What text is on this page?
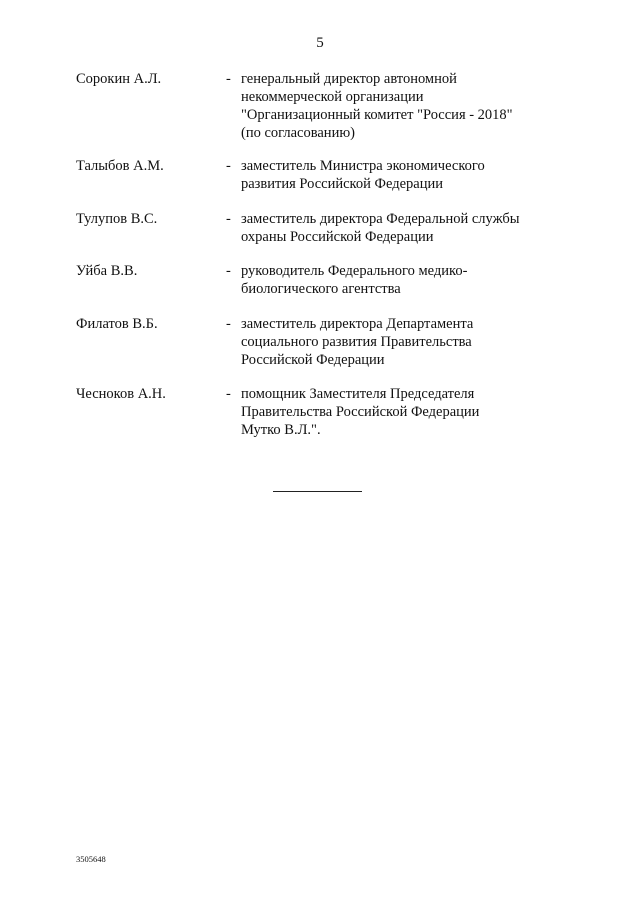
5
Сорокин А.Л.	- генеральный директор автономной
некоммерческой организации
"Организационный комитет "Россия - 2018"
(по согласованию)
Талыбов А.М.	- заместитель Министра экономического
развития Российской Федерации
Тулупов В.С.	- заместитель директора Федеральной службы
охраны Российской Федерации
Уйба В.В.	- руководитель Федерального медико-
биологического агентства
Филатов В.Б.	- заместитель директора Департамента
социального развития Правительства
Российской Федерации
Чесноков А.Н.	- помощник Заместителя Председателя
Правительства Российской Федерации
Мутко В.Л.".
3505648
